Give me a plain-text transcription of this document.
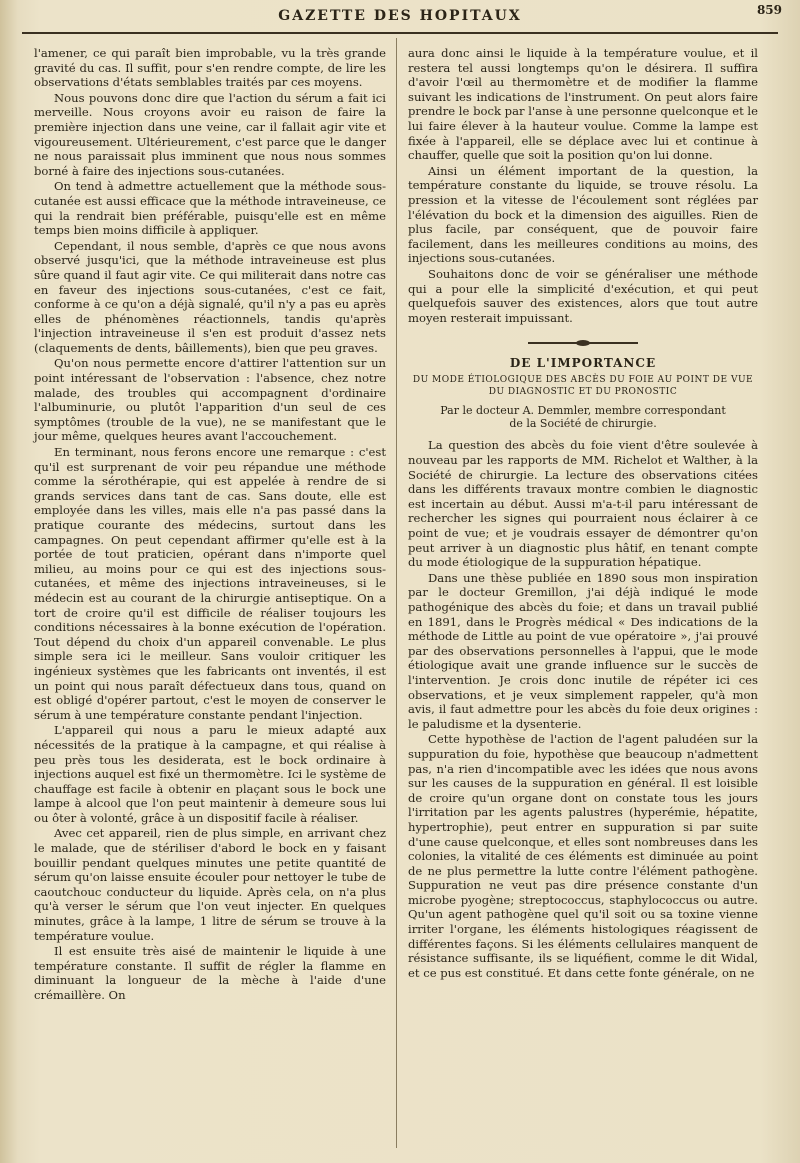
GAZETTE DES HOPITAUX	859

l'amener, ce qui paraît bien improbable, vu la très grande gravité du cas. Il suffit, pour s'en rendre compte, de lire les observations d'états semblables traités par ces moyens.

Nous pouvons donc dire que l'action du sérum a fait ici merveille. Nous croyons avoir eu raison de faire la première injection dans une veine, car il fallait agir vite et vigoureusement. Ultérieurement, c'est parce que le danger ne nous paraissait plus imminent que nous nous sommes borné à faire des injections sous-cutanées.

On tend à admettre actuellement que la méthode sous-cutanée est aussi efficace que la méthode intraveineuse, ce qui la rendrait bien préférable, puisqu'elle est en même temps bien moins difficile à appliquer.

Cependant, il nous semble, d'après ce que nous avons observé jusqu'ici, que la méthode intraveineuse est plus sûre quand il faut agir vite. Ce qui militerait dans notre cas en faveur des injections sous-cutanées, c'est ce fait, conforme à ce qu'on a déjà signalé, qu'il n'y a pas eu après elles de phénomènes réactionnels, tandis qu'après l'injection intraveineuse il s'en est produit d'assez nets (claquements de dents, bâillements), bien que peu graves.

Qu'on nous permette encore d'attirer l'attention sur un point intéressant de l'observation : l'absence, chez notre malade, des troubles qui accompagnent d'ordinaire l'albuminurie, ou plutôt l'apparition d'un seul de ces symptômes (trouble de la vue), ne se manifestant que le jour même, quelques heures avant l'accouchement.

En terminant, nous ferons encore une remarque : c'est qu'il est surprenant de voir peu répandue une méthode comme la sérothérapie, qui est appelée à rendre de si grands services dans tant de cas. Sans doute, elle est employée dans les villes, mais elle n'a pas passé dans la pratique courante des médecins, surtout dans les campagnes. On peut cependant affirmer qu'elle est à la portée de tout praticien, opérant dans n'importe quel milieu, au moins pour ce qui est des injections sous-cutanées, et même des injections intraveineuses, si le médecin est au courant de la chirurgie antiseptique. On a tort de croire qu'il est difficile de réaliser toujours les conditions nécessaires à la bonne exécution de l'opération. Tout dépend du choix d'un appareil convenable. Le plus simple sera ici le meilleur. Sans vouloir critiquer les ingénieux systèmes que les fabricants ont inventés, il est un point qui nous paraît défectueux dans tous, quand on est obligé d'opérer partout, c'est le moyen de conserver le sérum à une température constante pendant l'injection.

L'appareil qui nous a paru le mieux adapté aux nécessités de la pratique à la campagne, et qui réalise à peu près tous les desiderata, est le bock ordinaire à injections auquel est fixé un thermomètre. Ici le système de chauffage est facile à obtenir en plaçant sous le bock une lampe à alcool que l'on peut maintenir à demeure sous lui ou ôter à volonté, grâce à un dispositif facile à réaliser.

Avec cet appareil, rien de plus simple, en arrivant chez le malade, que de stériliser d'abord le bock en y faisant bouillir pendant quelques minutes une petite quantité de sérum qu'on laisse ensuite écouler pour nettoyer le tube de caoutchouc conducteur du liquide. Après cela, on n'a plus qu'à verser le sérum que l'on veut injecter. En quelques minutes, grâce à la lampe, 1 litre de sérum se trouve à la température voulue.

Il est ensuite très aisé de maintenir le liquide à une température constante. Il suffit de régler la flamme en diminuant la longueur de la mèche à l'aide d'une crémaillère. On

aura donc ainsi le liquide à la température voulue, et il restera tel aussi longtemps qu'on le désirera. Il suffira d'avoir l'œil au thermomètre et de modifier la flamme suivant les indications de l'instrument. On peut alors faire prendre le bock par l'anse à une personne quelconque et le lui faire élever à la hauteur voulue. Comme la lampe est fixée à l'appareil, elle se déplace avec lui et continue à chauffer, quelle que soit la position qu'on lui donne.

Ainsi un élément important de la question, la température constante du liquide, se trouve résolu. La pression et la vitesse de l'écoulement sont réglées par l'élévation du bock et la dimension des aiguilles. Rien de plus facile, par conséquent, que de pouvoir faire facilement, dans les meilleures conditions au moins, des injections sous-cutanées.

Souhaitons donc de voir se généraliser une méthode qui a pour elle la simplicité d'exécution, et qui peut quelquefois sauver des existences, alors que tout autre moyen resterait impuissant.

DE L'IMPORTANCE
DU MODE ÉTIOLOGIQUE DES ABCÈS DU FOIE AU POINT DE VUE
DU DIAGNOSTIC ET DU PRONOSTIC
Par le docteur A. Demmler, membre correspondant
de la Société de chirurgie.

La question des abcès du foie vient d'être soulevée à nouveau par les rapports de MM. Richelot et Walther, à la Société de chirurgie. La lecture des observations citées dans les différents travaux montre combien le diagnostic est incertain au début. Aussi m'a-t-il paru intéressant de rechercher les signes qui pourraient nous éclairer à ce point de vue; et je voudrais essayer de démontrer qu'on peut arriver à un diagnostic plus hâtif, en tenant compte du mode étiologique de la suppuration hépatique.

Dans une thèse publiée en 1890 sous mon inspiration par le docteur Gremillon, j'ai déjà indiqué le mode pathogénique des abcès du foie; et dans un travail publié en 1891, dans le Progrès médical « Des indications de la méthode de Little au point de vue opératoire », j'ai prouvé par des observations personnelles à l'appui, que le mode étiologique avait une grande influence sur le succès de l'intervention. Je crois donc inutile de répéter ici ces observations, et je veux simplement rappeler, qu'à mon avis, il faut admettre pour les abcès du foie deux origines : le paludisme et la dysenterie.

Cette hypothèse de l'action de l'agent paludéen sur la suppuration du foie, hypothèse que beaucoup n'admettent pas, n'a rien d'incompatible avec les idées que nous avons sur les causes de la suppuration en général. Il est loisible de croire qu'un organe dont on constate tous les jours l'irritation par les agents palustres (hyperémie, hépatite, hypertrophie), peut entrer en suppuration si par suite d'une cause quelconque, et elles sont nombreuses dans les colonies, la vitalité de ces éléments est diminuée au point de ne plus permettre la lutte contre l'élément pathogène. Suppuration ne veut pas dire présence constante d'un microbe pyogène; streptococcus, staphylococcus ou autre. Qu'un agent pathogène quel qu'il soit ou sa toxine vienne irriter l'organe, les éléments histologiques réagissent de différentes façons. Si les éléments cellulaires manquent de résistance suffisante, ils se liquéfient, comme le dit Widal, et ce pus est constitué. Et dans cette fonte générale, on ne
